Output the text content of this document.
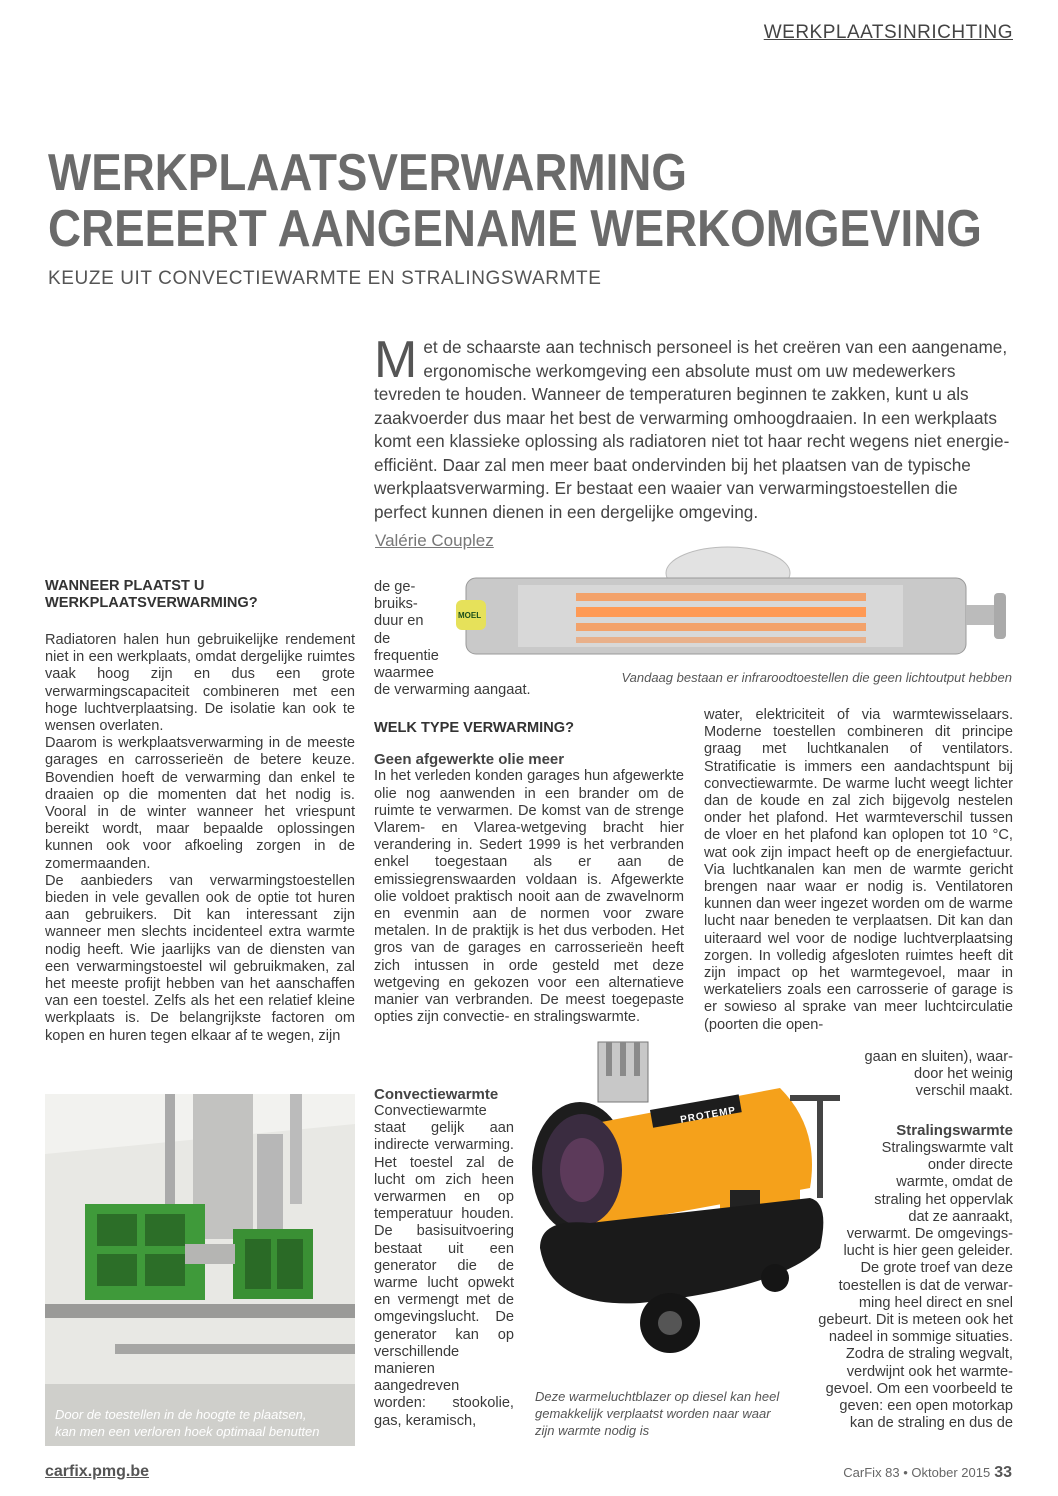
WERKPLAATSINRICHTING
WERKPLAATSVERWARMING
CREEERT AANGENAME WERKOMGEVING
KEUZE UIT CONVECTIEWARMTE EN STRALINGSWARMTE
Met de schaarste aan technisch personeel is het creëren van een aangename, ergonomische werkomgeving een absolute must om uw medewerkers tevreden te houden. Wanneer de temperaturen beginnen te zakken, kunt u als zaakvoerder dus maar het best de verwarming omhoogdraaien. In een werkplaats komt een klassieke oplossing als radiatoren niet tot haar recht wegens niet energie-efficiënt. Daar zal men meer baat ondervinden bij het plaatsen van de typische werkplaatsverwarming. Er bestaat een waaier van verwarmingstoestellen die perfect kunnen dienen in een dergelijke omgeving.
Valérie Couplez
WANNEER PLAATST U WERKPLAATSVERWARMING?

Radiatoren halen hun gebruikelijke rendement niet in een werkplaats, omdat dergelijke ruimtes vaak hoog zijn en dus een grote verwarmingscapaciteit combineren met een hoge luchtverplaatsing. De isolatie kan ook te wensen overlaten.

Daarom is werkplaatsverwarming in de meeste garages en carrosserieën de betere keuze. Bovendien hoeft de verwarming dan enkel te draaien op die momenten dat het nodig is. Vooral in de winter wanneer het vriespunt bereikt wordt, maar bepaalde oplossingen kunnen ook voor afkoeling zorgen in de zomermaanden.

De aanbieders van verwarmingstoestellen bieden in vele gevallen ook de optie tot huren aan gebruikers. Dit kan interessant zijn wanneer men slechts incidenteel extra warmte nodig heeft. Wie jaarlijks van de diensten van een verwarmingstoestel wil gebruikmaken, zal het meeste profijt hebben van het aanschaffen van een toestel. Zelfs als het een relatief kleine werkplaats is. De belangrijkste factoren om kopen en huren tegen elkaar af te wegen, zijn

Door de toestellen in de hoogte te plaatsen,
kan men een verloren hoek optimaal benutten
de ge-
bruiks-
duur en
de
frequentie
waarmee

de verwarming aangaat.

WELK TYPE VERWARMING?
Geen afgewerkte olie meer

In het verleden konden garages hun afgewerkte olie nog aanwenden in een brander om de ruimte te verwarmen. De komst van de strenge Vlarem- en Vlarea-wetgeving bracht hier verandering in. Sedert 1999 is het verbranden enkel toegestaan als er aan de emissiegrenswaarden voldaan is. Afgewerkte olie voldoet praktisch nooit aan de zwavelnorm en evenmin aan de normen voor zware metalen. In de praktijk is het dus verboden. Het gros van de garages en carrosserieën heeft zich intussen in orde gesteld met deze wetgeving en gekozen voor een alternatieve manier van verbranden. De meest toegepaste opties zijn convectie- en stralingswarmte.

Convectiewarmte

Convectiewarmte staat gelijk aan indirecte verwarming. Het toestel zal de lucht om zich heen verwarmen en op temperatuur houden. De basisuitvoering bestaat uit een generator die de warme lucht opwekt en vermengt met de omgevingslucht. De generator kan op verschillende manieren aangedreven worden: stookolie, gas, keramisch,

MOEL
Vandaag bestaan er infraroodtoestellen die geen lichtoutput hebben
PROTEMP
Deze warmeluchtblazer op diesel kan heel gemakkelijk verplaatst worden naar waar zijn warmte nodig is

water, elektriciteit of via warmtewisselaars. Moderne toestellen combineren dit principe graag met luchtkanalen of ventilators. Stratificatie is immers een aandachtspunt bij convectiewarmte. De warme lucht weegt lichter dan de koude en zal zich bijgevolg nestelen onder het plafond. Het warmteverschil tussen de vloer en het plafond kan oplopen tot 10 °C, wat ook zijn impact heeft op de energiefactuur. Via luchtkanalen kan men de warmte gericht brengen naar waar er nodig is. Ventilatoren kunnen dan weer ingezet worden om de warme lucht naar beneden te verplaatsen. Dit kan dan uiteraard wel voor de nodige luchtverplaatsing zorgen. In volledig afgesloten ruimtes heeft dit zijn impact op het warmtegevoel, maar in werkateliers zoals een carrosserie of garage is er sowieso al sprake van meer luchtcirculatie (poorten die open-

gaan en sluiten), waar-
door het weinig
verschil maakt.
Stralingswarmte
Stralingswarmte valt
onder directe
warmte, omdat de
straling het oppervlak
dat ze aanraakt,
verwarmt. De omgevings-
lucht is hier geen geleider.
De grote troef van deze
toestellen is dat de verwar-
ming heel direct en snel
gebeurt. Dit is meteen ook het
nadeel in sommige situaties.
Zodra de straling wegvalt,
verdwijnt ook het warmte-
gevoel. Om een voorbeeld te
geven: een open motorkap
kan de straling en dus de
carfix.pmg.be	CarFix 83 • Oktober 2015 33
